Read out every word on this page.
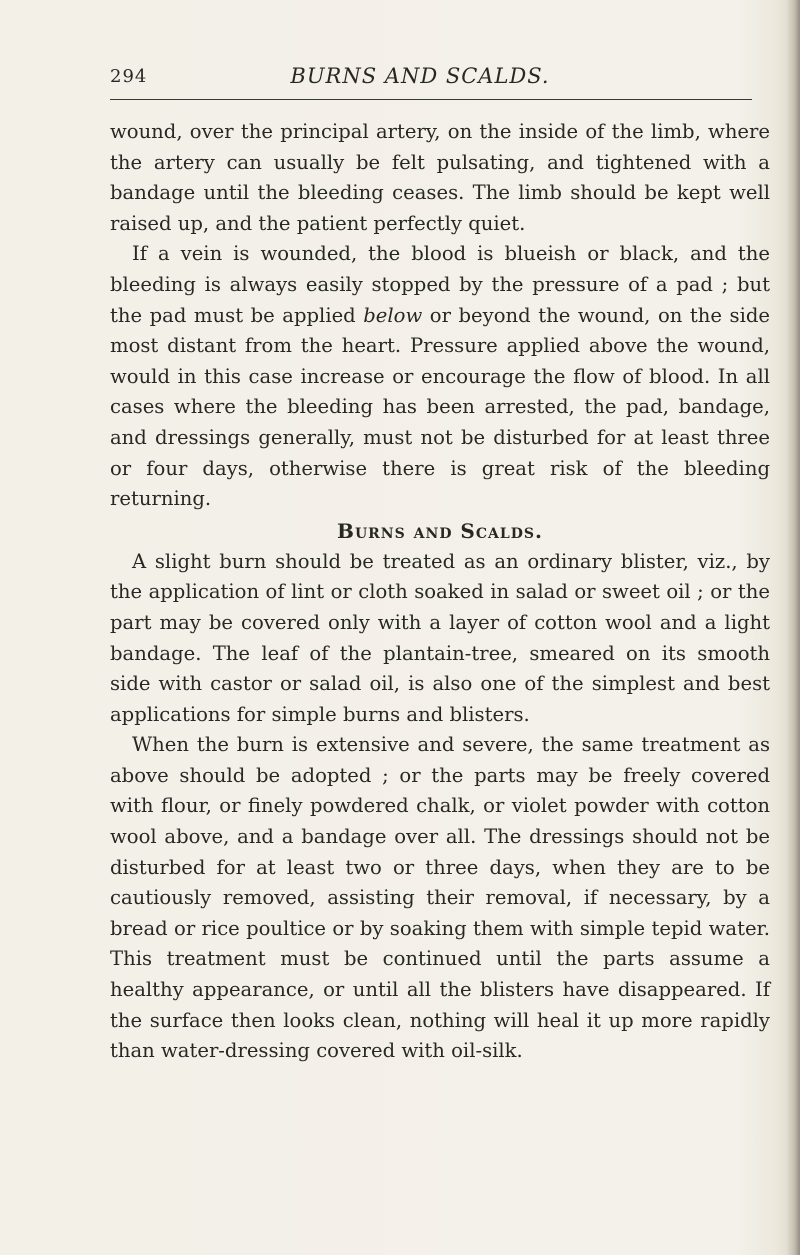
294	BURNS AND SCALDS.

wound, over the principal artery, on the inside of the limb, where the artery can usually be felt pulsating, and tightened with a bandage until the bleeding ceases. The limb should be kept well raised up, and the patient perfectly quiet.

If a vein is wounded, the blood is blueish or black, and the bleeding is always easily stopped by the pressure of a pad ; but the pad must be applied below or beyond the wound, on the side most distant from the heart. Pressure applied above the wound, would in this case increase or encourage the flow of blood. In all cases where the bleeding has been arrested, the pad, bandage, and dressings generally, must not be disturbed for at least three or four days, otherwise there is great risk of the bleeding returning.

Burns and Scalds.

A slight burn should be treated as an ordinary blister, viz., by the application of lint or cloth soaked in salad or sweet oil ; or the part may be covered only with a layer of cotton wool and a light bandage. The leaf of the plantain-tree, smeared on its smooth side with castor or salad oil, is also one of the simplest and best applications for simple burns and blisters.

When the burn is extensive and severe, the same treatment as above should be adopted ; or the parts may be freely covered with flour, or finely powdered chalk, or violet powder with cotton wool above, and a bandage over all. The dressings should not be disturbed for at least two or three days, when they are to be cautiously removed, assisting their removal, if necessary, by a bread or rice poultice or by soaking them with simple tepid water. This treatment must be continued until the parts assume a healthy appearance, or until all the blisters have disappeared. If the surface then looks clean, nothing will heal it up more rapidly than water-dressing covered with oil-silk.
